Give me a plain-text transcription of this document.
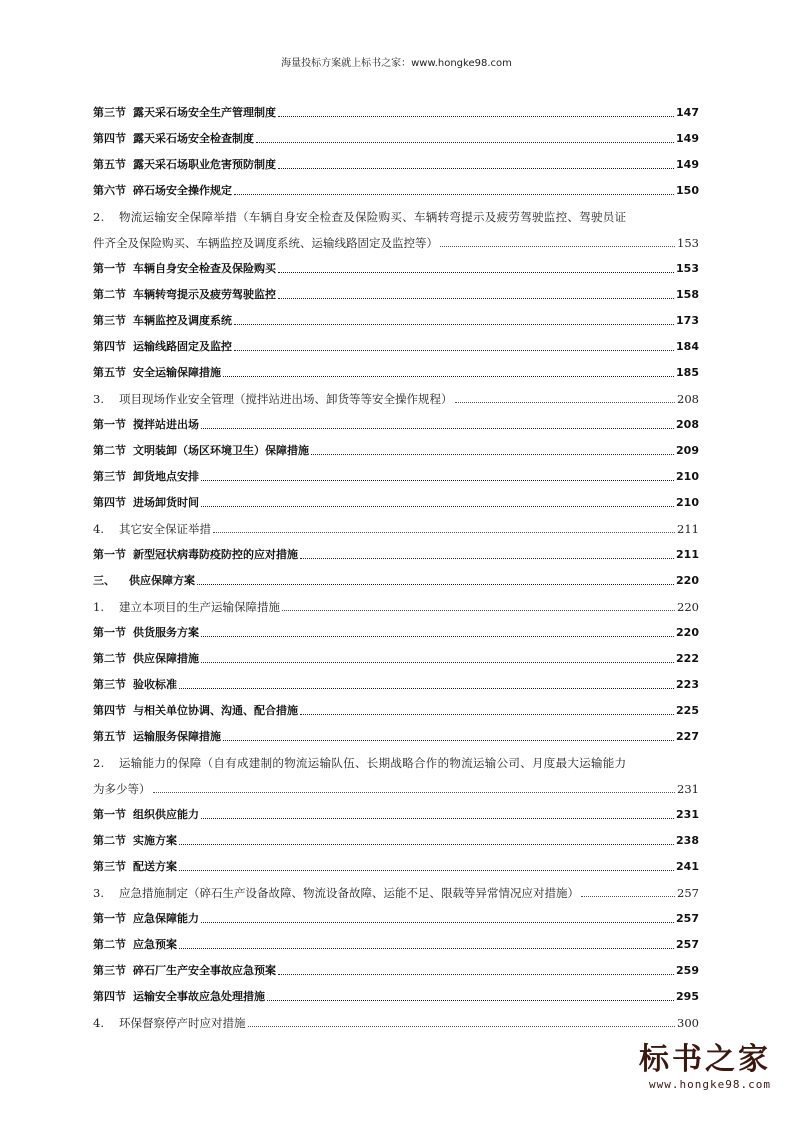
海量投标方案就上标书之家：www.hongke98.com
第三节 露天采石场安全生产管理制度	147
第四节 露天采石场安全检查制度	149
第五节 露天采石场职业危害预防制度	149
第六节 碎石场安全操作规定	150
2. 物流运输安全保障举措（车辆自身安全检查及保险购买、车辆转弯提示及疲劳驾驶监控、驾驶员证
件齐全及保险购买、车辆监控及调度系统、运输线路固定及监控等）	153
第一节 车辆自身安全检查及保险购买	153
第二节 车辆转弯提示及疲劳驾驶监控	158
第三节 车辆监控及调度系统	173
第四节 运输线路固定及监控	184
第五节 安全运输保障措施	185
3. 项目现场作业安全管理（搅拌站进出场、卸货等等安全操作规程）	208
第一节 搅拌站进出场	208
第二节 文明装卸（场区环境卫生）保障措施	209
第三节 卸货地点安排	210
第四节 进场卸货时间	210
4. 其它安全保证举措	211
第一节 新型冠状病毒防疫防控的应对措施	211
三、 供应保障方案	220
1. 建立本项目的生产运输保障措施	220
第一节 供货服务方案	220
第二节 供应保障措施	222
第三节 验收标准	223
第四节 与相关单位协调、沟通、配合措施	225
第五节 运输服务保障措施	227
2. 运输能力的保障（自有成建制的物流运输队伍、长期战略合作的物流运输公司、月度最大运输能力
为多少等）	231
第一节 组织供应能力	231
第二节 实施方案	238
第三节 配送方案	241
3. 应急措施制定（碎石生产设备故障、物流设备故障、运能不足、限载等异常情况应对措施）	257
第一节 应急保障能力	257
第二节 应急预案	257
第三节 碎石厂生产安全事故应急预案	259
第四节 运输安全事故应急处理措施	295
4. 环保督察停产时应对措施	300
标书之家
www.hongke98.com
